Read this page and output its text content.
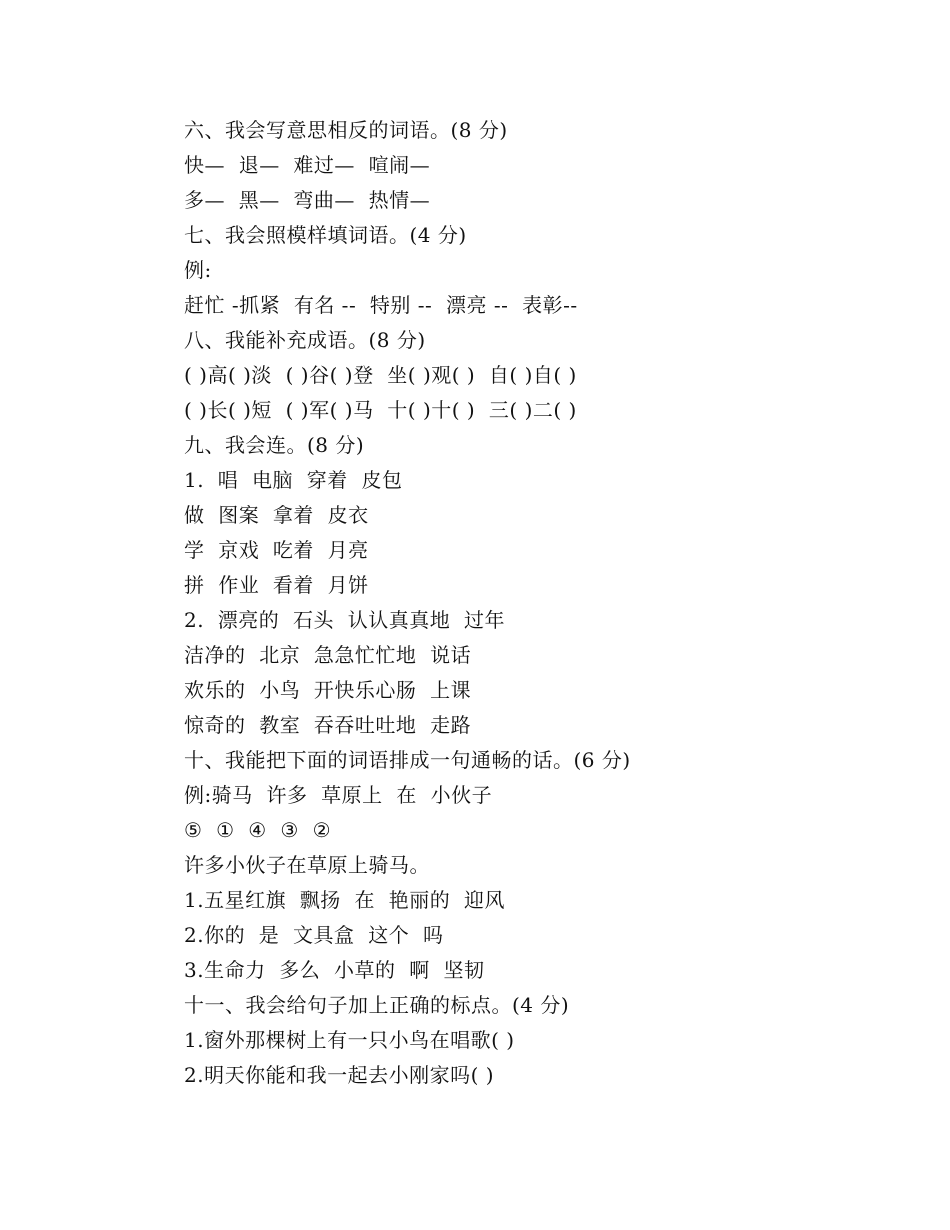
六、我会写意思相反的词语。(8 分)
快—  退—  难过—  喧闹—
多—  黑—  弯曲—  热情—
七、我会照模样填词语。(4 分)
例:
赶忙 -抓紧  有名 --  特别 --  漂亮 --  表彰--
八、我能补充成语。(8 分)
( )高( )淡  ( )谷( )登  坐( )观( )  自( )自( )
( )长( )短  ( )军( )马  十( )十( )  三( )二( )
九、我会连。(8 分)
1.  唱  电脑  穿着  皮包
做  图案  拿着  皮衣
学  京戏  吃着  月亮
拼  作业  看着  月饼
2.  漂亮的  石头  认认真真地  过年
洁净的  北京  急急忙忙地  说话
欢乐的  小鸟  开快乐心肠  上课
惊奇的  教室  吞吞吐吐地  走路
十、我能把下面的词语排成一句通畅的话。(6 分)
例:骑马  许多  草原上  在  小伙子
⑤  ①  ④  ③  ②
许多小伙子在草原上骑马。
1.五星红旗  飘扬  在  艳丽的  迎风
2.你的  是  文具盒  这个  吗
3.生命力  多么  小草的  啊  坚韧
十一、我会给句子加上正确的标点。(4 分)
1.窗外那棵树上有一只小鸟在唱歌( )
2.明天你能和我一起去小刚家吗( )
